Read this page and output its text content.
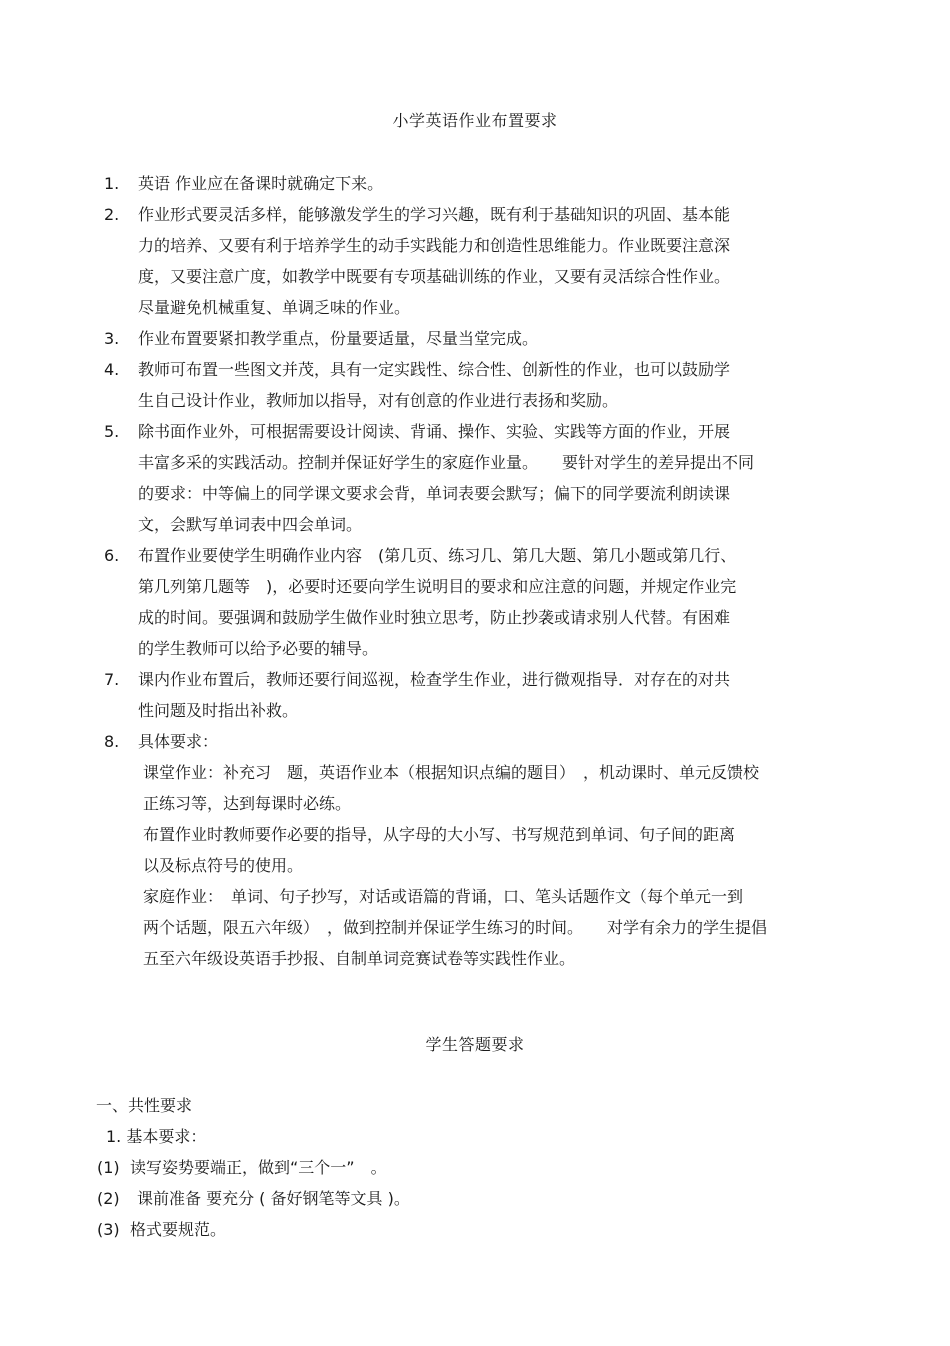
小学英语作业布置要求
1. 英语 作业应在备课时就确定下来。
2. 作业形式要灵活多样，能够激发学生的学习兴趣，既有利于基础知识的巩固、基本能
力的培养、又要有利于培养学生的动手实践能力和创造性思维能力。作业既要注意深
度，又要注意广度，如教学中既要有专项基础训练的作业，又要有灵活综合性作业。
尽量避免机械重复、单调乏味的作业。
3. 作业布置要紧扣教学重点，份量要适量，尽量当堂完成。
4. 教师可布置一些图文并茂，具有一定实践性、综合性、创新性的作业，也可以鼓励学
生自己设计作业，教师加以指导，对有创意的作业进行表扬和奖励。
5. 除书面作业外，可根据需要设计阅读、背诵、操作、实验、实践等方面的作业，开展
丰富多采的实践活动。控制并保证好学生的家庭作业量。　　要针对学生的差异提出不同
的要求：中等偏上的同学课文要求会背，单词表要会默写；偏下的同学要流利朗读课
文，会默写单词表中四会单词。
6. 布置作业要使学生明确作业内容　(第几页、练习几、第几大题、第几小题或第几行、
第几列第几题等　)，必要时还要向学生说明目的要求和应注意的问题，并规定作业完
成的时间。要强调和鼓励学生做作业时独立思考，防止抄袭或请求别人代替。有困难
的学生教师可以给予必要的辅导。
7. 课内作业布置后，教师还要行间巡视，检查学生作业，进行微观指导．对存在的对共
性问题及时指出补救。
8. 具体要求：
课堂作业：补充习　题，英语作业本（根据知识点编的题目）　，机动课时、单元反馈校
正练习等，达到每课时必练。
布置作业时教师要作必要的指导，从字母的大小写、书写规范到单词、句子间的距离
以及标点符号的使用。
家庭作业：　单词、句子抄写，对话或语篇的背诵，口、笔头话题作文（每个单元一到
两个话题，限五六年级）　，做到控制并保证学生练习的时间。　　对学有余力的学生提倡
五至六年级设英语手抄报、自制单词竞赛试卷等实践性作业。
学生答题要求
一、共性要求
1. 基本要求：
(1) 读写姿势要端正，做到“三个一”　。
(2) 课前准备 要充分 ( 备好钢笔等文具 )。
(3) 格式要规范。
